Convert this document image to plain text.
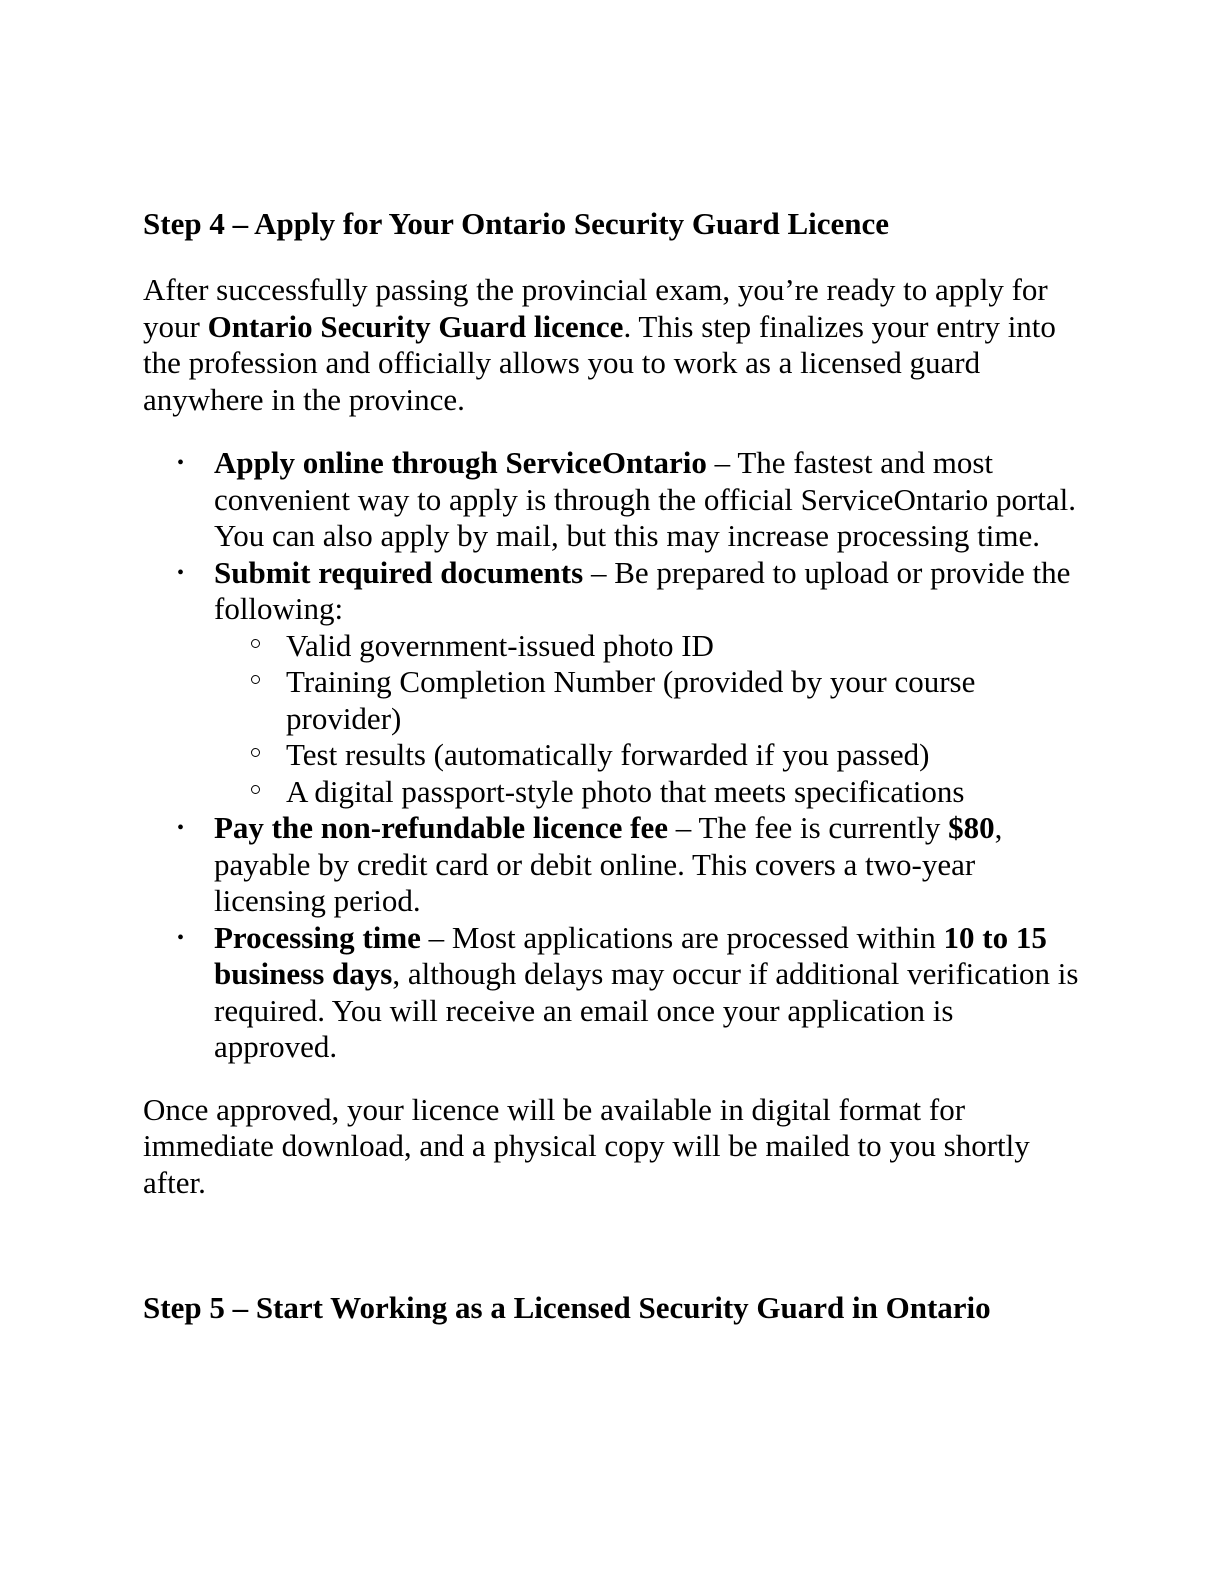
Step 4 – Apply for Your Ontario Security Guard Licence

After successfully passing the provincial exam, you’re ready to apply for your Ontario Security Guard licence. This step finalizes your entry into the profession and officially allows you to work as a licensed guard anywhere in the province.

• Apply online through ServiceOntario – The fastest and most convenient way to apply is through the official ServiceOntario portal. You can also apply by mail, but this may increase processing time.
• Submit required documents – Be prepared to upload or provide the following:
Valid government-issued photo ID
Training Completion Number (provided by your course provider)
Test results (automatically forwarded if you passed)
A digital passport-style photo that meets specifications
• Pay the non-refundable licence fee – The fee is currently $80, payable by credit card or debit online. This covers a two-year licensing period.
• Processing time – Most applications are processed within 10 to 15 business days, although delays may occur if additional verification is required. You will receive an email once your application is approved.

Once approved, your licence will be available in digital format for immediate download, and a physical copy will be mailed to you shortly after.

Step 5 – Start Working as a Licensed Security Guard in Ontario
